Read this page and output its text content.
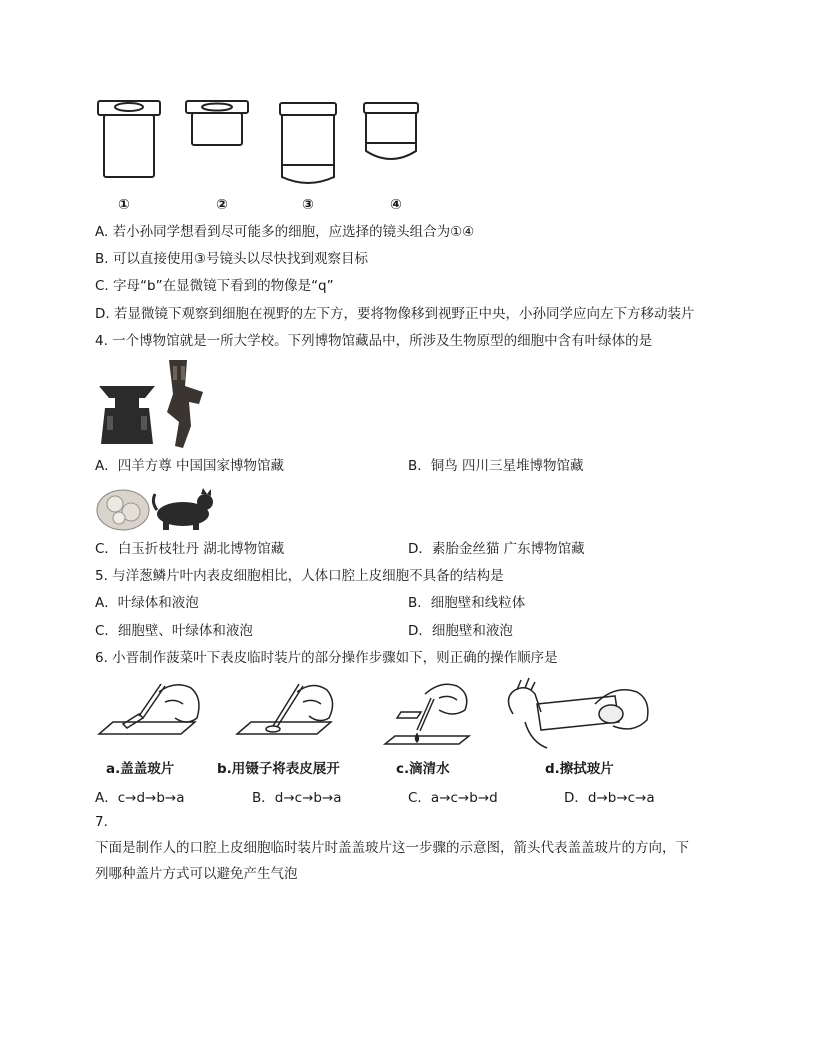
①	②	③	④
A. 若小孙同学想看到尽可能多的细胞，应选择的镜头组合为①④
B. 可以直接使用③号镜头以尽快找到观察目标
C. 字母“b”在显微镜下看到的物像是“q”
D. 若显微镜下观察到细胞在视野的左下方，要将物像移到视野正中央，小孙同学应向左下方移动装片
4. 一个博物馆就是一所大学校。下列博物馆藏品中，所涉及生物原型的细胞中含有叶绿体的是
A．四羊方尊 中国国家博物馆藏	B．铜鸟 四川三星堆博物馆藏
C．白玉折枝牡丹 湖北博物馆藏	D．素胎金丝猫 广东博物馆藏
5. 与洋葱鳞片叶内表皮细胞相比，人体口腔上皮细胞不具备的结构是
A．叶绿体和液泡	B．细胞壁和线粒体
C．细胞壁、叶绿体和液泡	D．细胞壁和液泡
6. 小晋制作菠菜叶下表皮临时装片的部分操作步骤如下，则正确的操作顺序是
a.盖盖玻片	b.用镊子将表皮展开	c.滴清水	d.擦拭玻片
A．c→d→b→a	B．d→c→b→a	C．a→c→b→d	D．d→b→c→a
7.
下面是制作人的口腔上皮细胞临时装片时盖盖玻片这一步骤的示意图，箭头代表盖盖玻片的方向，下
列哪种盖片方式可以避免产生气泡
